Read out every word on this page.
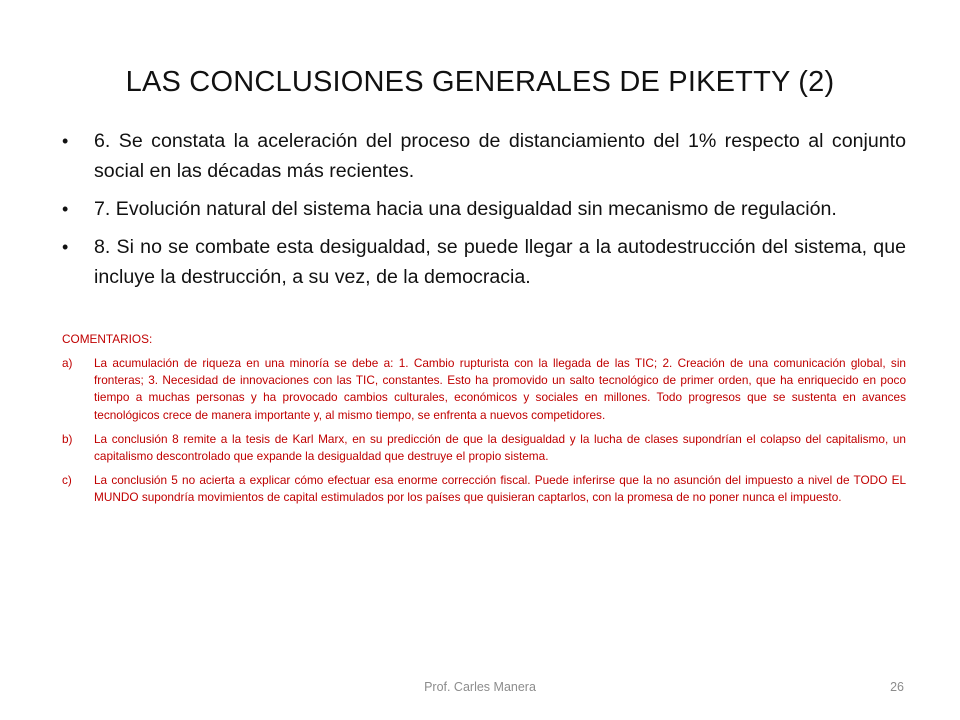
LAS CONCLUSIONES GENERALES DE PIKETTY (2)
•	6. Se constata la aceleración del proceso de distanciamiento del 1% respecto al conjunto social en las décadas más recientes.
•	7. Evolución natural del sistema hacia una desigualdad sin mecanismo de regulación.
•	8. Si no se combate esta desigualdad, se puede llegar a la autodestrucción del sistema, que incluye la destrucción, a su vez, de la democracia.
COMENTARIOS:
a) La acumulación de riqueza en una minoría se debe a: 1. Cambio rupturista con la llegada de las TIC; 2. Creación de una comunicación global, sin fronteras; 3. Necesidad de innovaciones con las TIC, constantes. Esto ha promovido un salto tecnológico de primer orden, que ha enriquecido en poco tiempo a muchas personas y ha provocado cambios culturales, económicos y sociales en millones. Todo progresos que se sustenta en avances tecnológicos crece de manera importante y, al mismo tiempo, se enfrenta a nuevos competidores.
b) La conclusión 8 remite a la tesis de Karl Marx, en su predicción de que la desigualdad y la lucha de clases supondrían el colapso del capitalismo, un capitalismo descontrolado que expande la desigualdad que destruye el propio sistema.
c) La conclusión 5 no acierta a explicar cómo efectuar esa enorme corrección fiscal. Puede inferirse que la no asunción del impuesto a nivel de TODO EL MUNDO supondría movimientos de capital estimulados por los países que quisieran captarlos, con la promesa de no poner nunca el impuesto.
Prof. Carles Manera	26
